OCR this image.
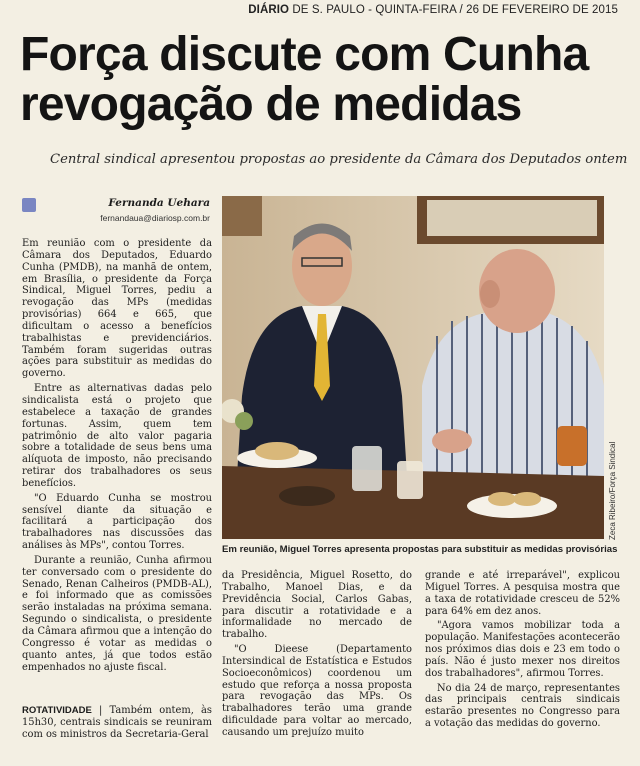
DIÁRIO DE S. PAULO - QUINTA-FEIRA / 26 DE FEVEREIRO DE 2015
Força discute com Cunha revogação de medidas

Central sindical apresentou propostas ao presidente da Câmara dos Deputados ontem

Fernanda Uehara
fernandaua@diariosp.com.br

Em reunião com o presidente da Câmara dos Deputados, Eduardo Cunha (PMDB), na manhã de ontem, em Brasília, o presidente da Força Sindical, Miguel Torres, pediu a revogação das MPs (medidas provisórias) 664 e 665, que dificultam o acesso a benefícios trabalhistas e previdenciários. Também foram sugeridas outras ações para substituir as medidas do governo.

Entre as alternativas dadas pelo sindicalista está o projeto que estabelece a taxação de grandes fortunas. Assim, quem tem patrimônio de alto valor pagaria sobre a totalidade de seus bens uma alíquota de imposto, não precisando retirar dos trabalhadores os seus benefícios.

"O Eduardo Cunha se mostrou sensível diante da situação e facilitará a participação dos trabalhadores nas discussões das análises às MPs", contou Torres.

Durante a reunião, Cunha afirmou ter conversado com o presidente do Senado, Renan Calheiros (PMDB-AL), e foi informado que as comissões serão instaladas na próxima semana. Segundo o sindicalista, o presidente da Câmara afirmou que a intenção do Congresso é votar as medidas o quanto antes, já que todos estão empenhados no ajuste fiscal.

ROTATIVIDADE | Também ontem, às 15h30, centrais sindicais se reuniram com os ministros da Secretaria-Geral

Zeca Ribeiro/Força Sindical
Em reunião, Miguel Torres apresenta propostas para substituir as medidas provisórias

da Presidência, Miguel Rosetto, do Trabalho, Manoel Dias, e da Previdência Social, Carlos Gabas, para discutir a rotatividade e a informalidade no mercado de trabalho.

"O Dieese (Departamento Intersindical de Estatística e Estudos Socioeconômicos) coordenou um estudo que reforça a nossa proposta para revogação das MPs. Os trabalhadores terão uma grande dificuldade para voltar ao mercado, causando um prejuízo muito

grande e até irreparável", explicou Miguel Torres. A pesquisa mostra que a taxa de rotatividade cresceu de 52% para 64% em dez anos.

"Agora vamos mobilizar toda a população. Manifestações acontecerão nos próximos dias dois e 23 em todo o país. Não é justo mexer nos direitos dos trabalhadores", afirmou Torres.

No dia 24 de março, representantes das principais centrais sindicais estarão presentes no Congresso para a votação das medidas do governo.
